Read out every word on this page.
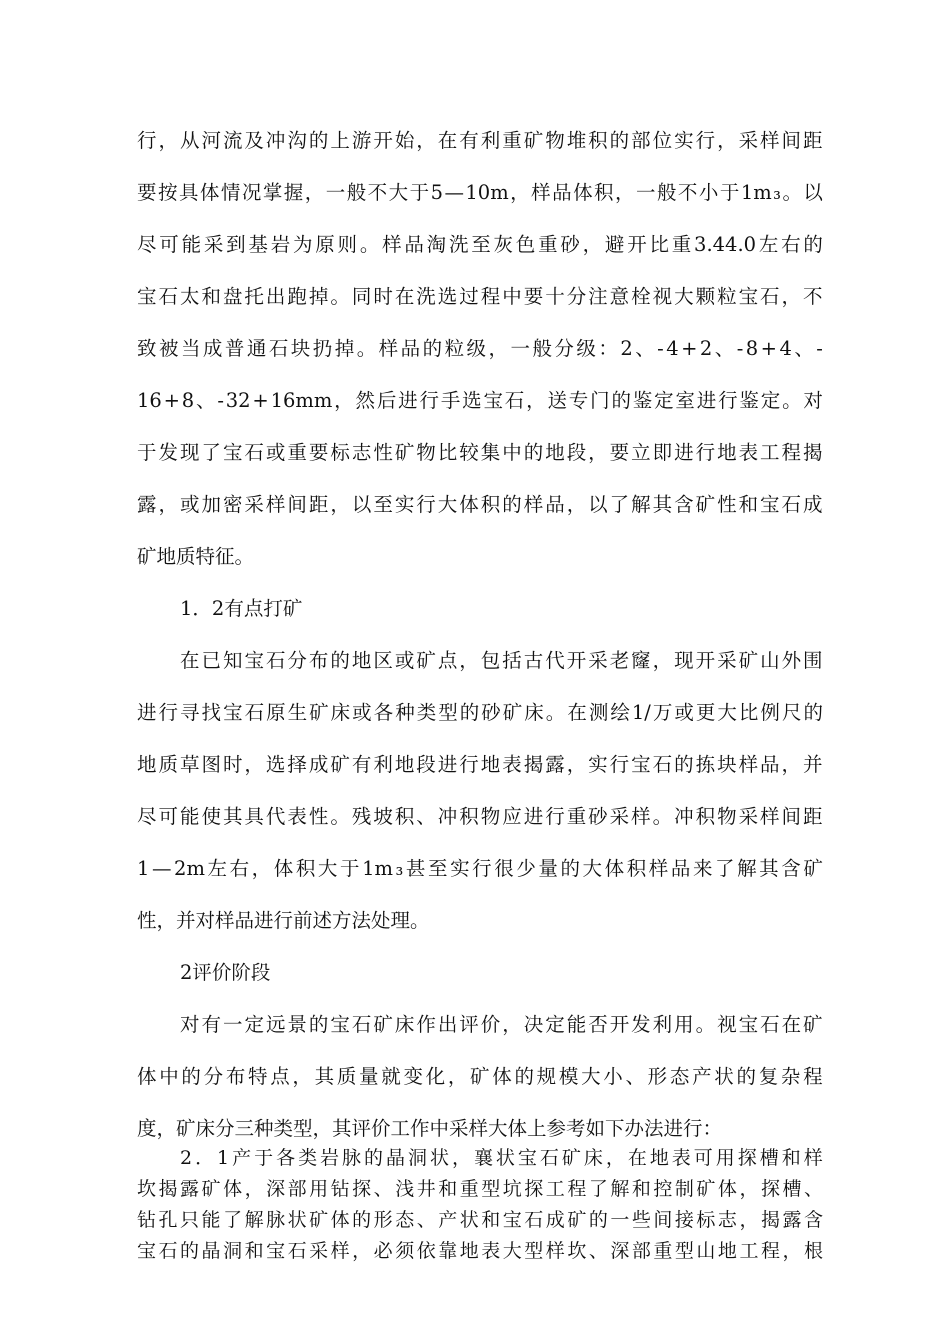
行 ， 从 河 流 及 冲 沟 的 上 游 开 始 ， 在 有 利 重 矿 物 堆 积 的 部 位 实 行 ， 采 样 间 距
要 按 具 体 情 况 掌 握 ， 一 般 不 大 于 5 — 10m ， 样 品 体 积 ， 一 般 不 小 于 1m ₃ 。 以
尽 可 能 采 到 基 岩 为 原 则 。 样 品 淘 洗 至 灰 色 重 砂 ， 避 开 比 重 3.44.0 左 右 的
宝 石 太 和 盘 托 出 跑 掉 。 同 时 在 洗 选 过 程 中 要 十 分 注 意 栓 视 大 颗 粒 宝 石 ， 不
致 被 当 成 普 通 石 块 扔 掉 。 样 品 的 粒 级 ， 一 般 分 级 ： 2 、 - 4 + 2 、 - 8 + 4 、 -
16 + 8 、 - 32 + 16mm ， 然 后 进 行 手 选 宝 石 ， 送 专 门 的 鉴 定 室 进 行 鉴 定 。 对
于 发 现 了 宝 石 或 重 要 标 志 性 矿 物 比 较 集 中 的 地 段 ， 要 立 即 进 行 地 表 工 程 揭
露 ， 或 加 密 采 样 间 距 ， 以 至 实 行 大 体 积 的 样 品 ， 以 了 解 其 含 矿 性 和 宝 石 成
矿地质特征。
1．2有点打矿
在 已 知 宝 石 分 布 的 地 区 或 矿 点 ， 包 括 古 代 开 采 老 窿 ， 现 开 采 矿 山 外 围
进 行 寻 找 宝 石 原 生 矿 床 或 各 种 类 型 的 砂 矿 床 。 在 测 绘 1/ 万 或 更 大 比 例 尺 的
地 质 草 图 时 ， 选 择 成 矿 有 利 地 段 进 行 地 表 揭 露 ， 实 行 宝 石 的 拣 块 样 品 ， 并
尽 可 能 使 其 具 代 表 性 。 残 坡 积 、 冲 积 物 应 进 行 重 砂 采 样 。 冲 积 物 采 样 间 距
1 — 2m 左 右 ， 体 积 大 于 1m ₃ 甚 至 实 行 很 少 量 的 大 体 积 样 品 来 了 解 其 含 矿
性，并对样品进行前述方法处理。
2评价阶段
对 有 一 定 远 景 的 宝 石 矿 床 作 出 评 价 ， 决 定 能 否 开 发 利 用 。 视 宝 石 在 矿
体 中 的 分 布 特 点 ， 其 质 量 就 变 化 ， 矿 体 的 规 模 大 小 、 形 态 产 状 的 复 杂 程
度，矿床分三种类型，其评价工作中采样大体上参考如下办法进行：
2 ． 1 产 于 各 类 岩 脉 的 晶 洞 状 ， 襄 状 宝 石 矿 床 ， 在 地 表 可 用 探 槽 和 样
坎 揭 露 矿 体 ， 深 部 用 钻 探 、 浅 井 和 重 型 坑 探 工 程 了 解 和 控 制 矿 体 ， 探 槽 、
钻 孔 只 能 了 解 脉 状 矿 体 的 形 态 、 产 状 和 宝 石 成 矿 的 一 些 间 接 标 志 ， 揭 露 含
宝 石 的 晶 洞 和 宝 石 采 样 ， 必 须 依 靠 地 表 大 型 样 坎 、 深 部 重 型 山 地 工 程 ， 根
